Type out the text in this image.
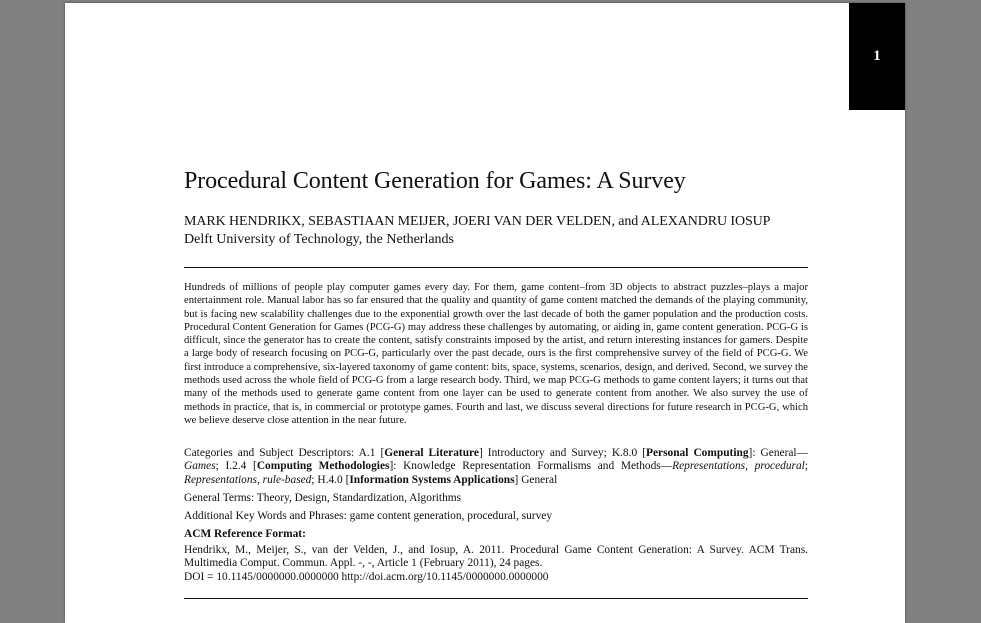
1
Procedural Content Generation for Games: A Survey
MARK HENDRIKX, SEBASTIAAN MEIJER, JOERI VAN DER VELDEN, and ALEXANDRU IOSUP
Delft University of Technology, the Netherlands

Hundreds of millions of people play computer games every day. For them, game content–from 3D objects to abstract puzzles–plays a major entertainment role. Manual labor has so far ensured that the quality and quantity of game content matched the demands of the playing community, but is facing new scalability challenges due to the exponential growth over the last decade of both the gamer population and the production costs. Procedural Content Generation for Games (PCG-G) may address these challenges by automating, or aiding in, game content generation. PCG-G is difficult, since the generator has to create the content, satisfy constraints imposed by the artist, and return interesting instances for gamers. Despite a large body of research focusing on PCG-G, particularly over the past decade, ours is the first comprehensive survey of the field of PCG-G. We first introduce a comprehensive, six-layered taxonomy of game content: bits, space, systems, scenarios, design, and derived. Second, we survey the methods used across the whole field of PCG-G from a large research body. Third, we map PCG-G methods to game content layers; it turns out that many of the methods used to generate game content from one layer can be used to generate content from another. We also survey the use of methods in practice, that is, in commercial or prototype games. Fourth and last, we discuss several directions for future research in PCG-G, which we believe deserve close attention in the near future.

Categories and Subject Descriptors: A.1 [General Literature] Introductory and Survey; K.8.0 [Personal Computing]: General—Games; I.2.4 [Computing Methodologies]: Knowledge Representation Formalisms and Methods—Representations, procedural; Representations, rule-based; H.4.0 [Information Systems Applications] General

General Terms: Theory, Design, Standardization, Algorithms

Additional Key Words and Phrases: game content generation, procedural, survey

ACM Reference Format:

Hendrikx, M., Meijer, S., van der Velden, J., and Iosup, A. 2011. Procedural Game Content Generation: A Survey. ACM Trans. Multimedia Comput. Commun. Appl. -, -, Article 1 (February 2011), 24 pages.

DOI = 10.1145/0000000.0000000 http://doi.acm.org/10.1145/0000000.0000000
